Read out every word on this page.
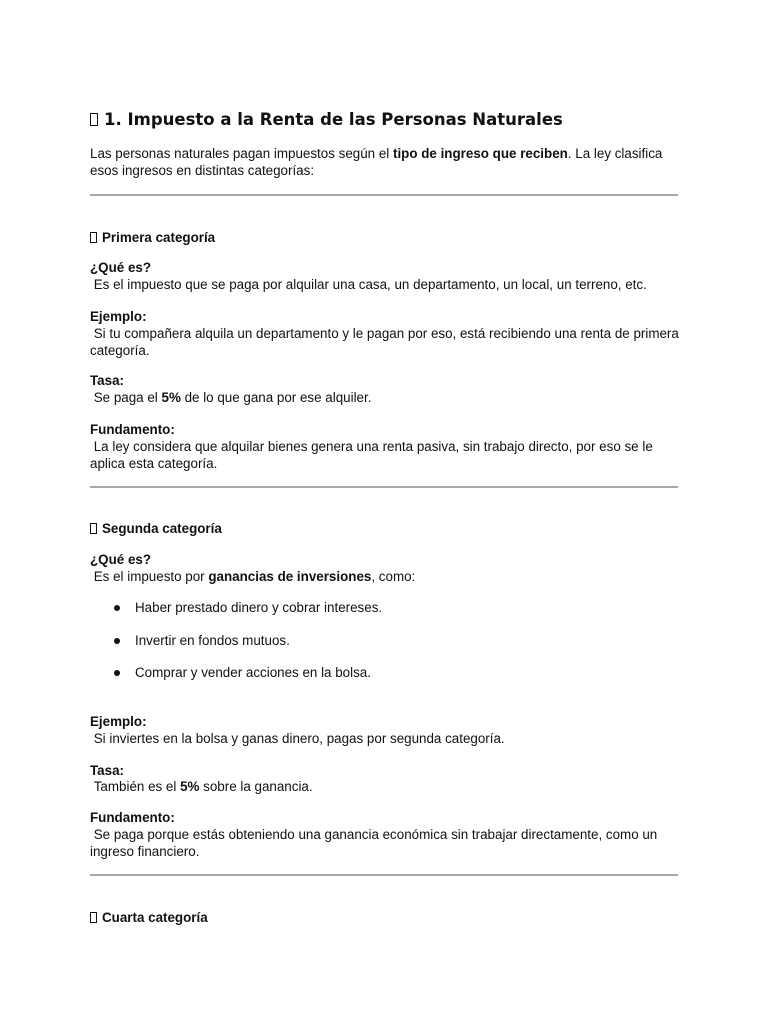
1. Impuesto a la Renta de las Personas Naturales
Las personas naturales pagan impuestos según el tipo de ingreso que reciben. La ley clasifica esos ingresos en distintas categorías:
Primera categoría
¿Qué es?
Es el impuesto que se paga por alquilar una casa, un departamento, un local, un terreno, etc.
Ejemplo:
Si tu compañera alquila un departamento y le pagan por eso, está recibiendo una renta de primera categoría.
Tasa:
Se paga el 5% de lo que gana por ese alquiler.
Fundamento:
La ley considera que alquilar bienes genera una renta pasiva, sin trabajo directo, por eso se le aplica esta categoría.
Segunda categoría
¿Qué es?
Es el impuesto por ganancias de inversiones, como:
Haber prestado dinero y cobrar intereses.
Invertir en fondos mutuos.
Comprar y vender acciones en la bolsa.
Ejemplo:
Si inviertes en la bolsa y ganas dinero, pagas por segunda categoría.
Tasa:
También es el 5% sobre la ganancia.
Fundamento:
Se paga porque estás obteniendo una ganancia económica sin trabajar directamente, como un ingreso financiero.
Cuarta categoría
